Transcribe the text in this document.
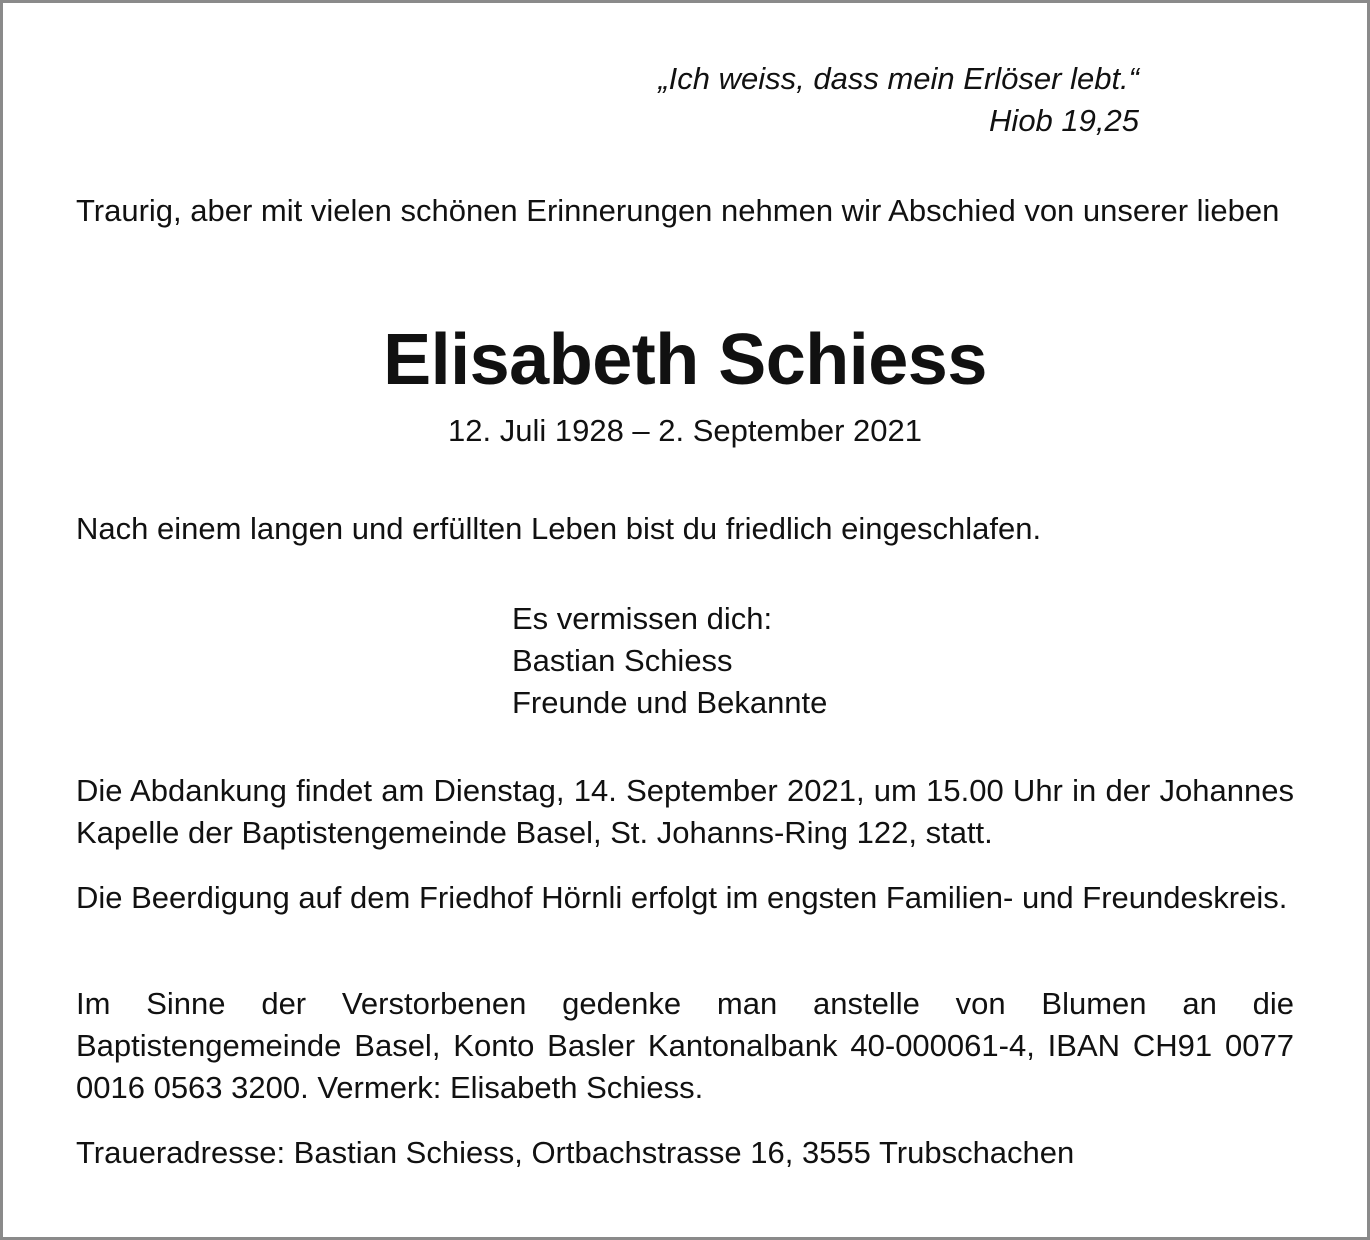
„Ich weiss, dass mein Erlöser lebt.“
Hiob 19,25
Traurig, aber mit vielen schönen Erinnerungen nehmen wir Abschied von unserer lieben
Elisabeth Schiess
12. Juli 1928 – 2. September 2021
Nach einem langen und erfüllten Leben bist du friedlich eingeschlafen.
Es vermissen dich:
Bastian Schiess
Freunde und Bekannte
Die Abdankung findet am Dienstag, 14. September 2021, um 15.00 Uhr in der Johannes Kapelle der Baptistengemeinde Basel, St. Johanns-Ring 122, statt.
Die Beerdigung auf dem Friedhof Hörnli erfolgt im engsten Familien- und Freundeskreis.
Im Sinne der Verstorbenen gedenke man anstelle von Blumen an die Baptistengemeinde Basel, Konto Basler Kantonalbank 40-000061-4, IBAN CH91 0077 0016 0563 3200. Vermerk: Elisabeth Schiess.
Traueradresse: Bastian Schiess, Ortbachstrasse 16, 3555 Trubschachen
